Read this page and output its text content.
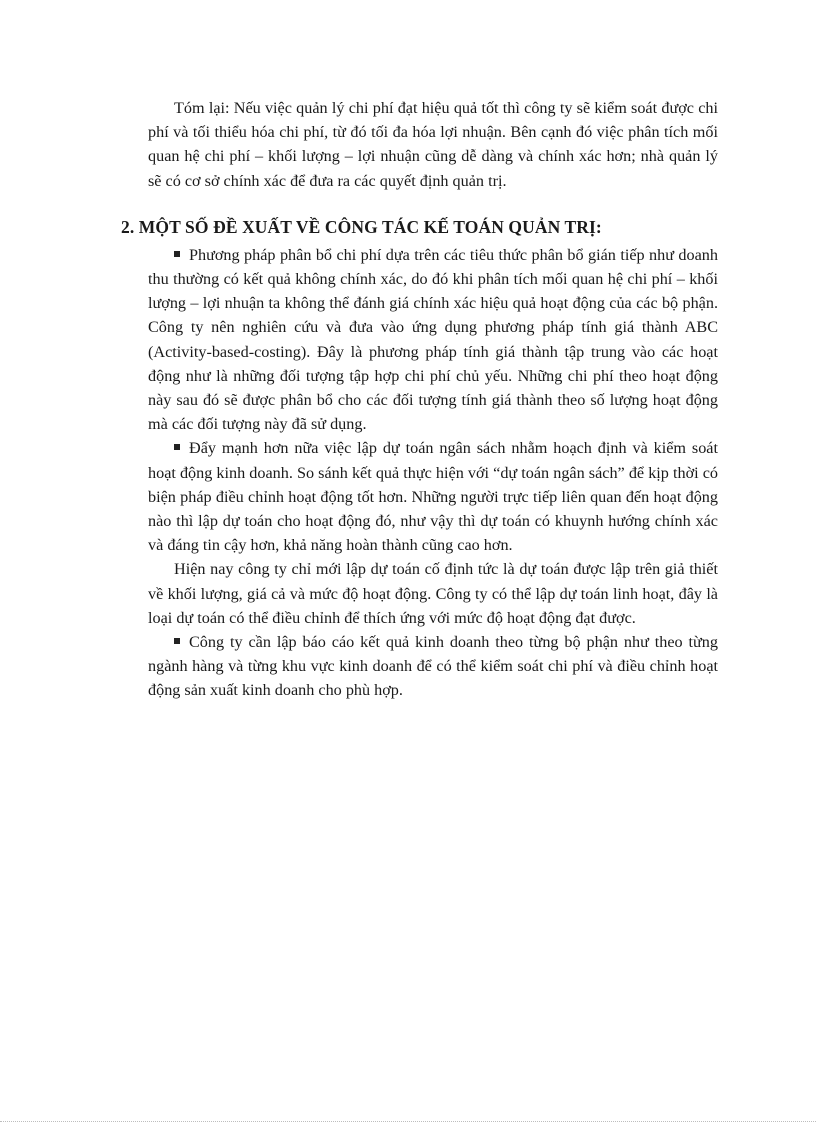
Tóm lại: Nếu việc quản lý chi phí đạt hiệu quả tốt thì công ty sẽ kiểm soát được chi phí và tối thiểu hóa chi phí, từ đó tối đa hóa lợi nhuận. Bên cạnh đó việc phân tích mối quan hệ chi phí – khối lượng – lợi nhuận cũng dễ dàng và chính xác hơn; nhà quản lý sẽ có cơ sở chính xác để đưa ra các quyết định quản trị.

2. MỘT SỐ ĐỀ XUẤT VỀ CÔNG TÁC KẾ TOÁN QUẢN TRỊ:

Phương pháp phân bổ chi phí dựa trên các tiêu thức phân bổ gián tiếp như doanh thu thường có kết quả không chính xác, do đó khi phân tích mối quan hệ chi phí – khối lượng – lợi nhuận ta không thể đánh giá chính xác hiệu quả hoạt động của các bộ phận. Công ty nên nghiên cứu và đưa vào ứng dụng phương pháp tính giá thành ABC (Activity-based-costing). Đây là phương pháp tính giá thành tập trung vào các hoạt động như là những đối tượng tập hợp chi phí chủ yếu. Những chi phí theo hoạt động này sau đó sẽ được phân bổ cho các đối tượng tính giá thành theo số lượng hoạt động mà các đối tượng này đã sử dụng.

Đẩy mạnh hơn nữa việc lập dự toán ngân sách nhằm hoạch định và kiểm soát hoạt động kinh doanh. So sánh kết quả thực hiện với “dự toán ngân sách” để kịp thời có biện pháp điều chỉnh hoạt động tốt hơn. Những người trực tiếp liên quan đến hoạt động nào thì lập dự toán cho hoạt động đó, như vậy thì dự toán có khuynh hướng chính xác và đáng tin cậy hơn, khả năng hoàn thành cũng cao hơn.

Hiện nay công ty chỉ mới lập dự toán cố định tức là dự toán được lập trên giả thiết về khối lượng, giá cả và mức độ hoạt động. Công ty có thể lập dự toán linh hoạt, đây là loại dự toán có thể điều chỉnh để thích ứng với mức độ hoạt động đạt được.

Công ty cần lập báo cáo kết quả kinh doanh theo từng bộ phận như theo từng ngành hàng và từng khu vực kinh doanh để có thể kiểm soát chi phí và điều chỉnh hoạt động sản xuất kinh doanh cho phù hợp.
